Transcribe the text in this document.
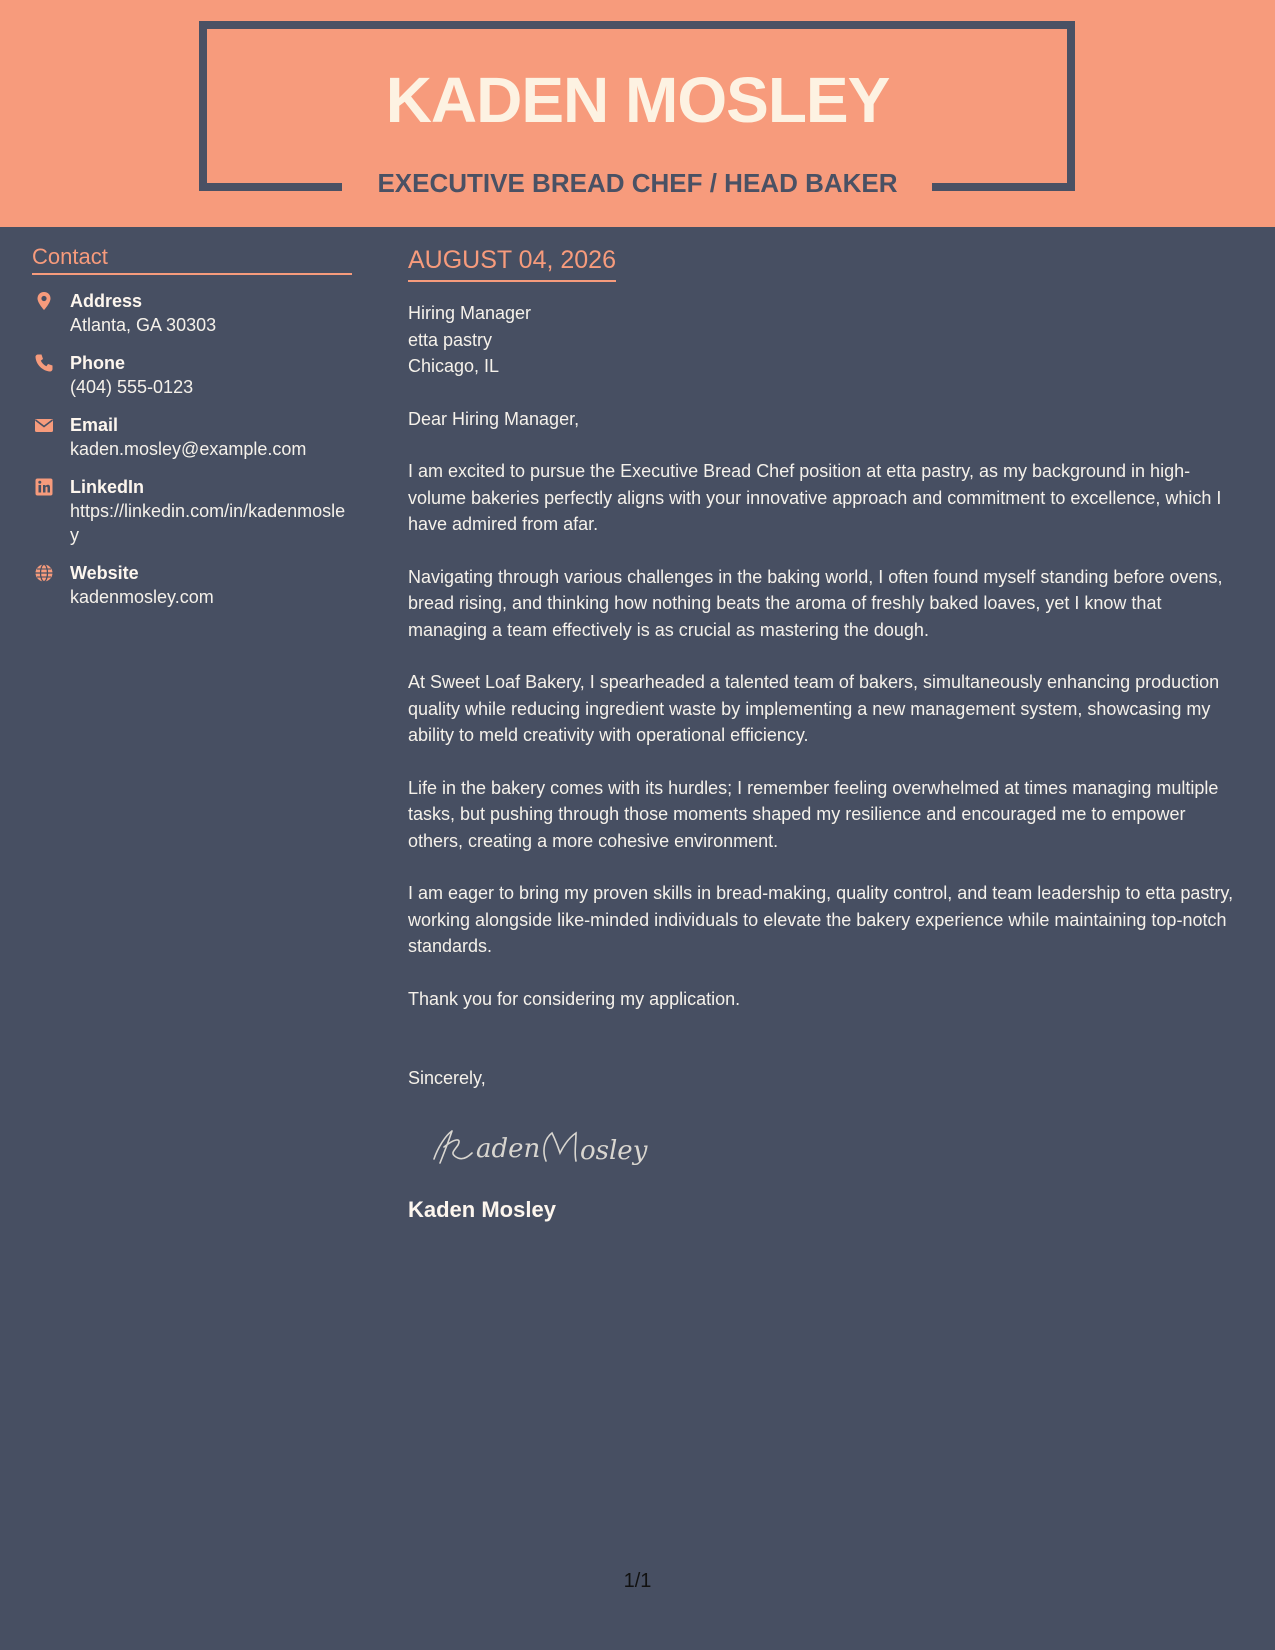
KADEN MOSLEY
EXECUTIVE BREAD CHEF / HEAD BAKER
Contact
Address
Atlanta, GA 30303
Phone
(404) 555-0123
Email
kaden.mosley@example.com
LinkedIn
https://linkedin.com/in/kadenmosley
Website
kadenmosley.com
AUGUST 04, 2026
Hiring Manager
etta pastry
Chicago, IL

Dear Hiring Manager,

I am excited to pursue the Executive Bread Chef position at etta pastry, as my background in high-volume bakeries perfectly aligns with your innovative approach and commitment to excellence, which I have admired from afar.

Navigating through various challenges in the baking world, I often found myself standing before ovens, bread rising, and thinking how nothing beats the aroma of freshly baked loaves, yet I know that managing a team effectively is as crucial as mastering the dough.

At Sweet Loaf Bakery, I spearheaded a talented team of bakers, simultaneously enhancing production quality while reducing ingredient waste by implementing a new management system, showcasing my ability to meld creativity with operational efficiency.

Life in the bakery comes with its hurdles; I remember feeling overwhelmed at times managing multiple tasks, but pushing through those moments shaped my resilience and encouraged me to empower others, creating a more cohesive environment.

I am eager to bring my proven skills in bread-making, quality control, and team leadership to etta pastry, working alongside like-minded individuals to elevate the bakery experience while maintaining top-notch standards.

Thank you for considering my application.

Sincerely,
aden osley
Kaden Mosley
1/1
